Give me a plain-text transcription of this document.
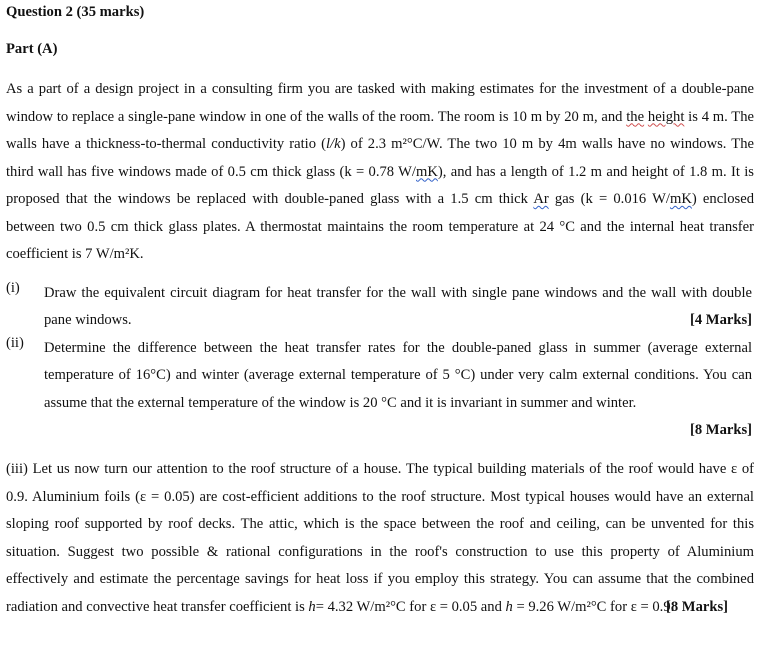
Question 2 (35 marks)
Part (A)
As a part of a design project in a consulting firm you are tasked with making estimates for the investment of a double-pane window to replace a single-pane window in one of the walls of the room. The room is 10 m by 20 m, and the height is 4 m. The walls have a thickness-to-thermal conductivity ratio (l/k) of 2.3 m²°C/W. The two 10 m by 4m walls have no windows. The third wall has five windows made of 0.5 cm thick glass (k = 0.78 W/mK), and has a length of 1.2 m and height of 1.8 m. It is proposed that the windows be replaced with double-paned glass with a 1.5 cm thick Ar gas (k = 0.016 W/mK) enclosed between two 0.5 cm thick glass plates. A thermostat maintains the room temperature at 24 °C and the internal heat transfer coefficient is 7 W/m²K.
(i) Draw the equivalent circuit diagram for heat transfer for the wall with single pane windows and the wall with double pane windows.	[4 Marks]
(ii) Determine the difference between the heat transfer rates for the double-paned glass in summer (average external temperature of 16°C) and winter (average external temperature of 5 °C) under very calm external conditions. You can assume that the external temperature of the window is 20 °C and it is invariant in summer and winter.
[8 Marks]
(iii) Let us now turn our attention to the roof structure of a house. The typical building materials of the roof would have ε of 0.9. Aluminium foils (ε = 0.05) are cost-efficient additions to the roof structure. Most typical houses would have an external sloping roof supported by roof decks. The attic, which is the space between the roof and ceiling, can be unvented for this situation. Suggest two possible & rational configurations in the roof's construction to use this property of Aluminium effectively and estimate the percentage savings for heat loss if you employ this strategy. You can assume that the combined radiation and convective heat transfer coefficient is h= 4.32 W/m²°C for ε = 0.05 and h = 9.26 W/m²°C for ε = 0.9.
[8 Marks]
